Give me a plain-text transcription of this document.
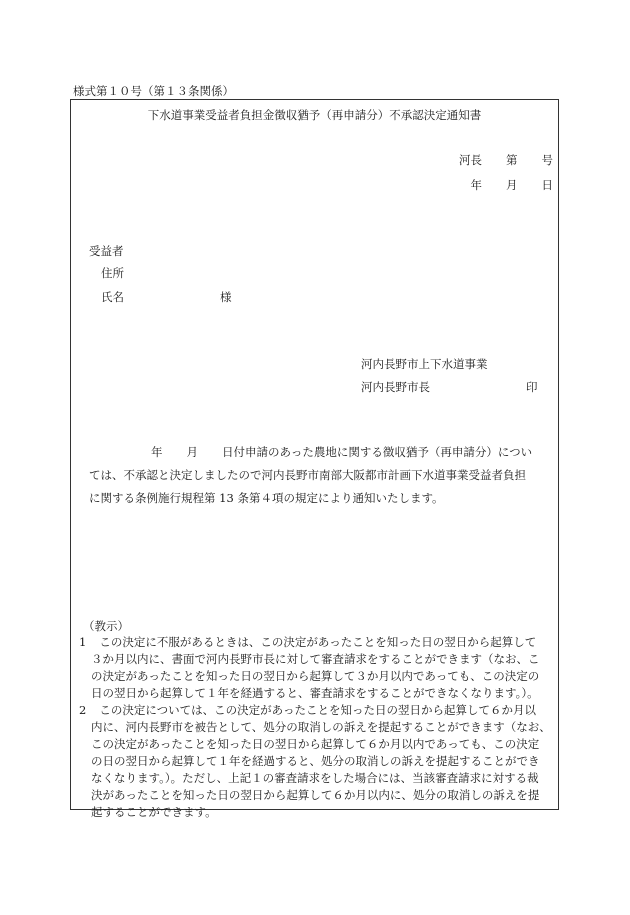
様式第１０号（第１３条関係）
下水道事業受益者負担金徴収猶予（再申請分）不承認決定通知書
河長 第 号
年 月 日
受益者
住所
氏名	様
河内長野市上下水道事業
河内長野市長	印
年 月 日付申請のあった農地に関する徴収猶予（再申請分）につい
ては、不承認と決定しましたので河内長野市南部大阪都市計画下水道事業受益者負担
に関する条例施行規程第 13 条第４項の規定により通知いたします。
（教示）
1 この決定に不服があるときは、この決定があったことを知った日の翌日から起算して
３か月以内に、書面で河内長野市長に対して審査請求をすることができます（なお、こ
の決定があったことを知った日の翌日から起算して３か月以内であっても、この決定の
日の翌日から起算して１年を経過すると、審査請求をすることができなくなります。）。
2 この決定については、この決定があったことを知った日の翌日から起算して６か月以
内に、河内長野市を被告として、処分の取消しの訴えを提起することができます（なお、
この決定があったことを知った日の翌日から起算して６か月以内であっても、この決定
の日の翌日から起算して１年を経過すると、処分の取消しの訴えを提起することができ
なくなります。）。ただし、上記１の審査請求をした場合には、当該審査請求に対する裁
決があったことを知った日の翌日から起算して６か月以内に、処分の取消しの訴えを提
起することができます。
